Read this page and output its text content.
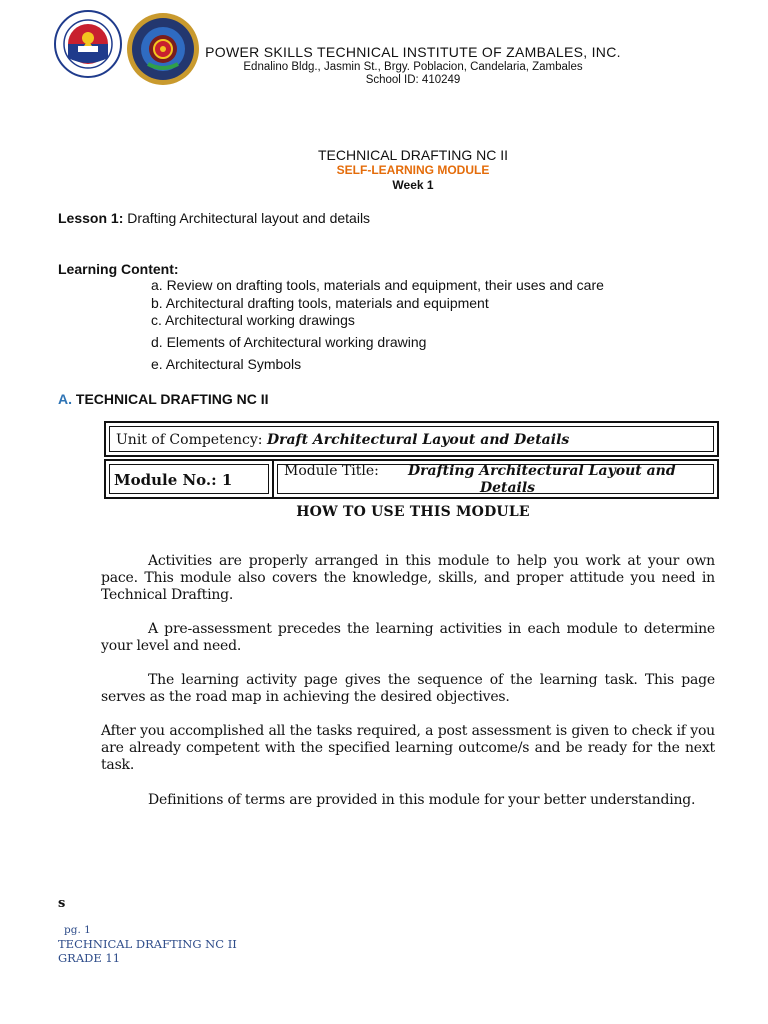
POWER SKILLS TECHNICAL INSTITUTE OF ZAMBALES, INC.
Ednalino Bldg., Jasmin St., Brgy. Poblacion, Candelaria, Zambales
School ID: 410249
TECHNICAL DRAFTING NC II
SELF-LEARNING MODULE
Week 1
Lesson 1: Drafting Architectural layout and details
Learning Content:
a. Review on drafting tools, materials and equipment, their uses and care
b. Architectural drafting tools, materials and equipment
c. Architectural working drawings
d. Elements of Architectural working drawing
e. Architectural Symbols
A. TECHNICAL DRAFTING NC II
Unit of Competency: Draft Architectural Layout and Details
Module No.: 1	Module Title: Drafting Architectural Layout and
Details
HOW TO USE THIS MODULE
Activities are properly arranged in this module to help you work at your own pace. This module also covers the knowledge, skills, and proper attitude you need in Technical Drafting.
A pre-assessment precedes the learning activities in each module to determine your level and need.
The learning activity page gives the sequence of the learning task. This page serves as the road map in achieving the desired objectives.
After you accomplished all the tasks required, a post assessment is given to check if you are already competent with the specified learning outcome/s and be ready for the next task.
Definitions of terms are provided in this module for your better understanding.
s
pg. 1
TECHNICAL DRAFTING NC II
GRADE 11
